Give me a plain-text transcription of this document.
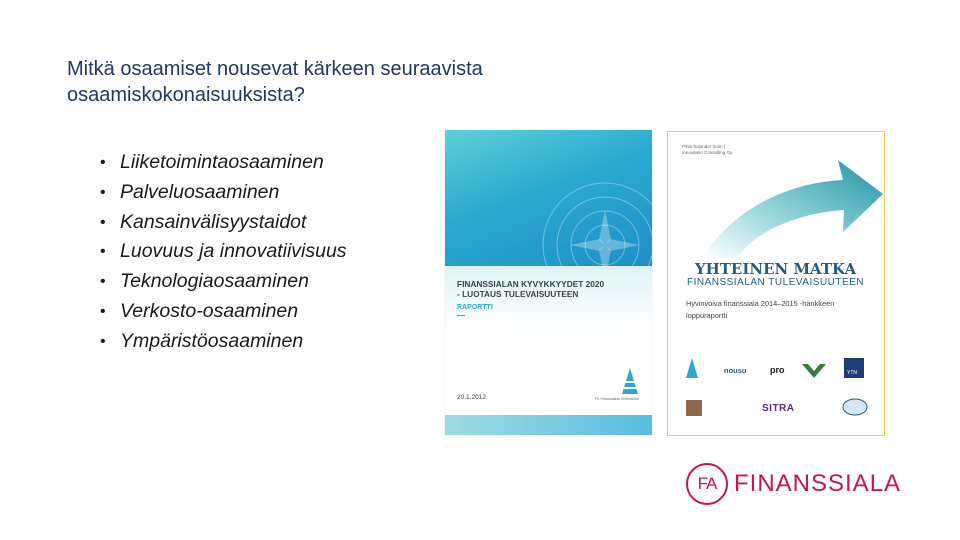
Mitkä osaamiset nousevat kärkeen seuraavista
osaamiskokonaisuuksista?
• Liiketoimintaosaaminen
• Palveluosaaminen
• Kansainvälisyystaidot
• Luovuus ja innovatiivisuus
• Teknologiaosaaminen
• Verkosto-osaaminen
• Ympäristöosaaminen
FINANSSIALAN KYVYKKYYDET 2020
- LUOTAUS TULEVAISUUTEEN
RAPORTTI
20.1.2012	FK Finanssialan Keskusliitto
Pihla Sajander (toim.)
Innovaatio Consulting Oy
YHTEINEN MATKA
FINANSSIALAN TULEVAISUUTEEN
Hyvinvoiva finanssiala 2014–2015 -hankkeen
loppuraportti
nousu	pro	YTN
SITRA
FA FINANSSIALA
